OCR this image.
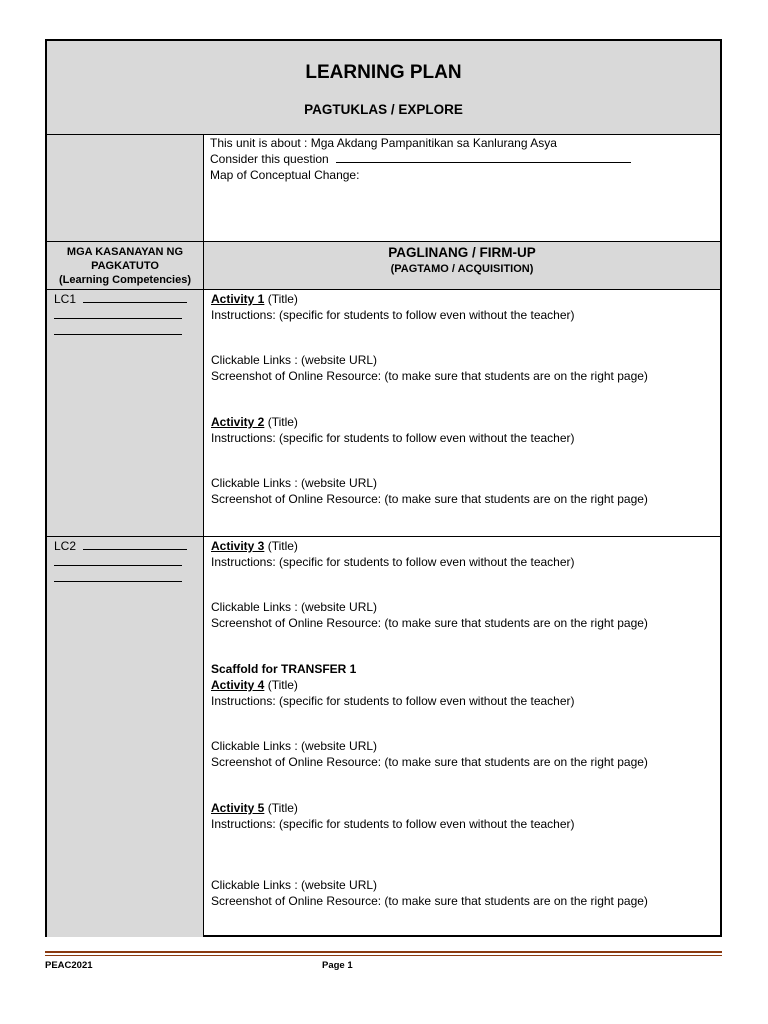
LEARNING PLAN
PAGTUKLAS / EXPLORE
This unit is about : Mga Akdang Pampanitikan sa Kanlurang Asya
Consider this question
Map of Conceptual Change:
MGA KASANAYAN NG
PAGKATUTO
(Learning Competencies)
PAGLINANG / FIRM-UP
(PAGTAMO / ACQUISITION)
LC1
LC2
Activity 1 (Title)
Instructions: (specific for students to follow even without the teacher)
Clickable Links : (website URL)
Screenshot of Online Resource: (to make sure that students are on the right page)
Activity 2 (Title)
Instructions: (specific for students to follow even without the teacher)
Clickable Links : (website URL)
Screenshot of Online Resource: (to make sure that students are on the right page)
Activity 3 (Title)
Instructions: (specific for students to follow even without the teacher)
Clickable Links : (website URL)
Screenshot of Online Resource: (to make sure that students are on the right page)
Scaffold for TRANSFER 1
Activity 4 (Title)
Instructions: (specific for students to follow even without the teacher)
Clickable Links : (website URL)
Screenshot of Online Resource: (to make sure that students are on the right page)
Activity 5 (Title)
Instructions: (specific for students to follow even without the teacher)
Clickable Links : (website URL)
Screenshot of Online Resource: (to make sure that students are on the right page)
PEAC2021	Page 1
